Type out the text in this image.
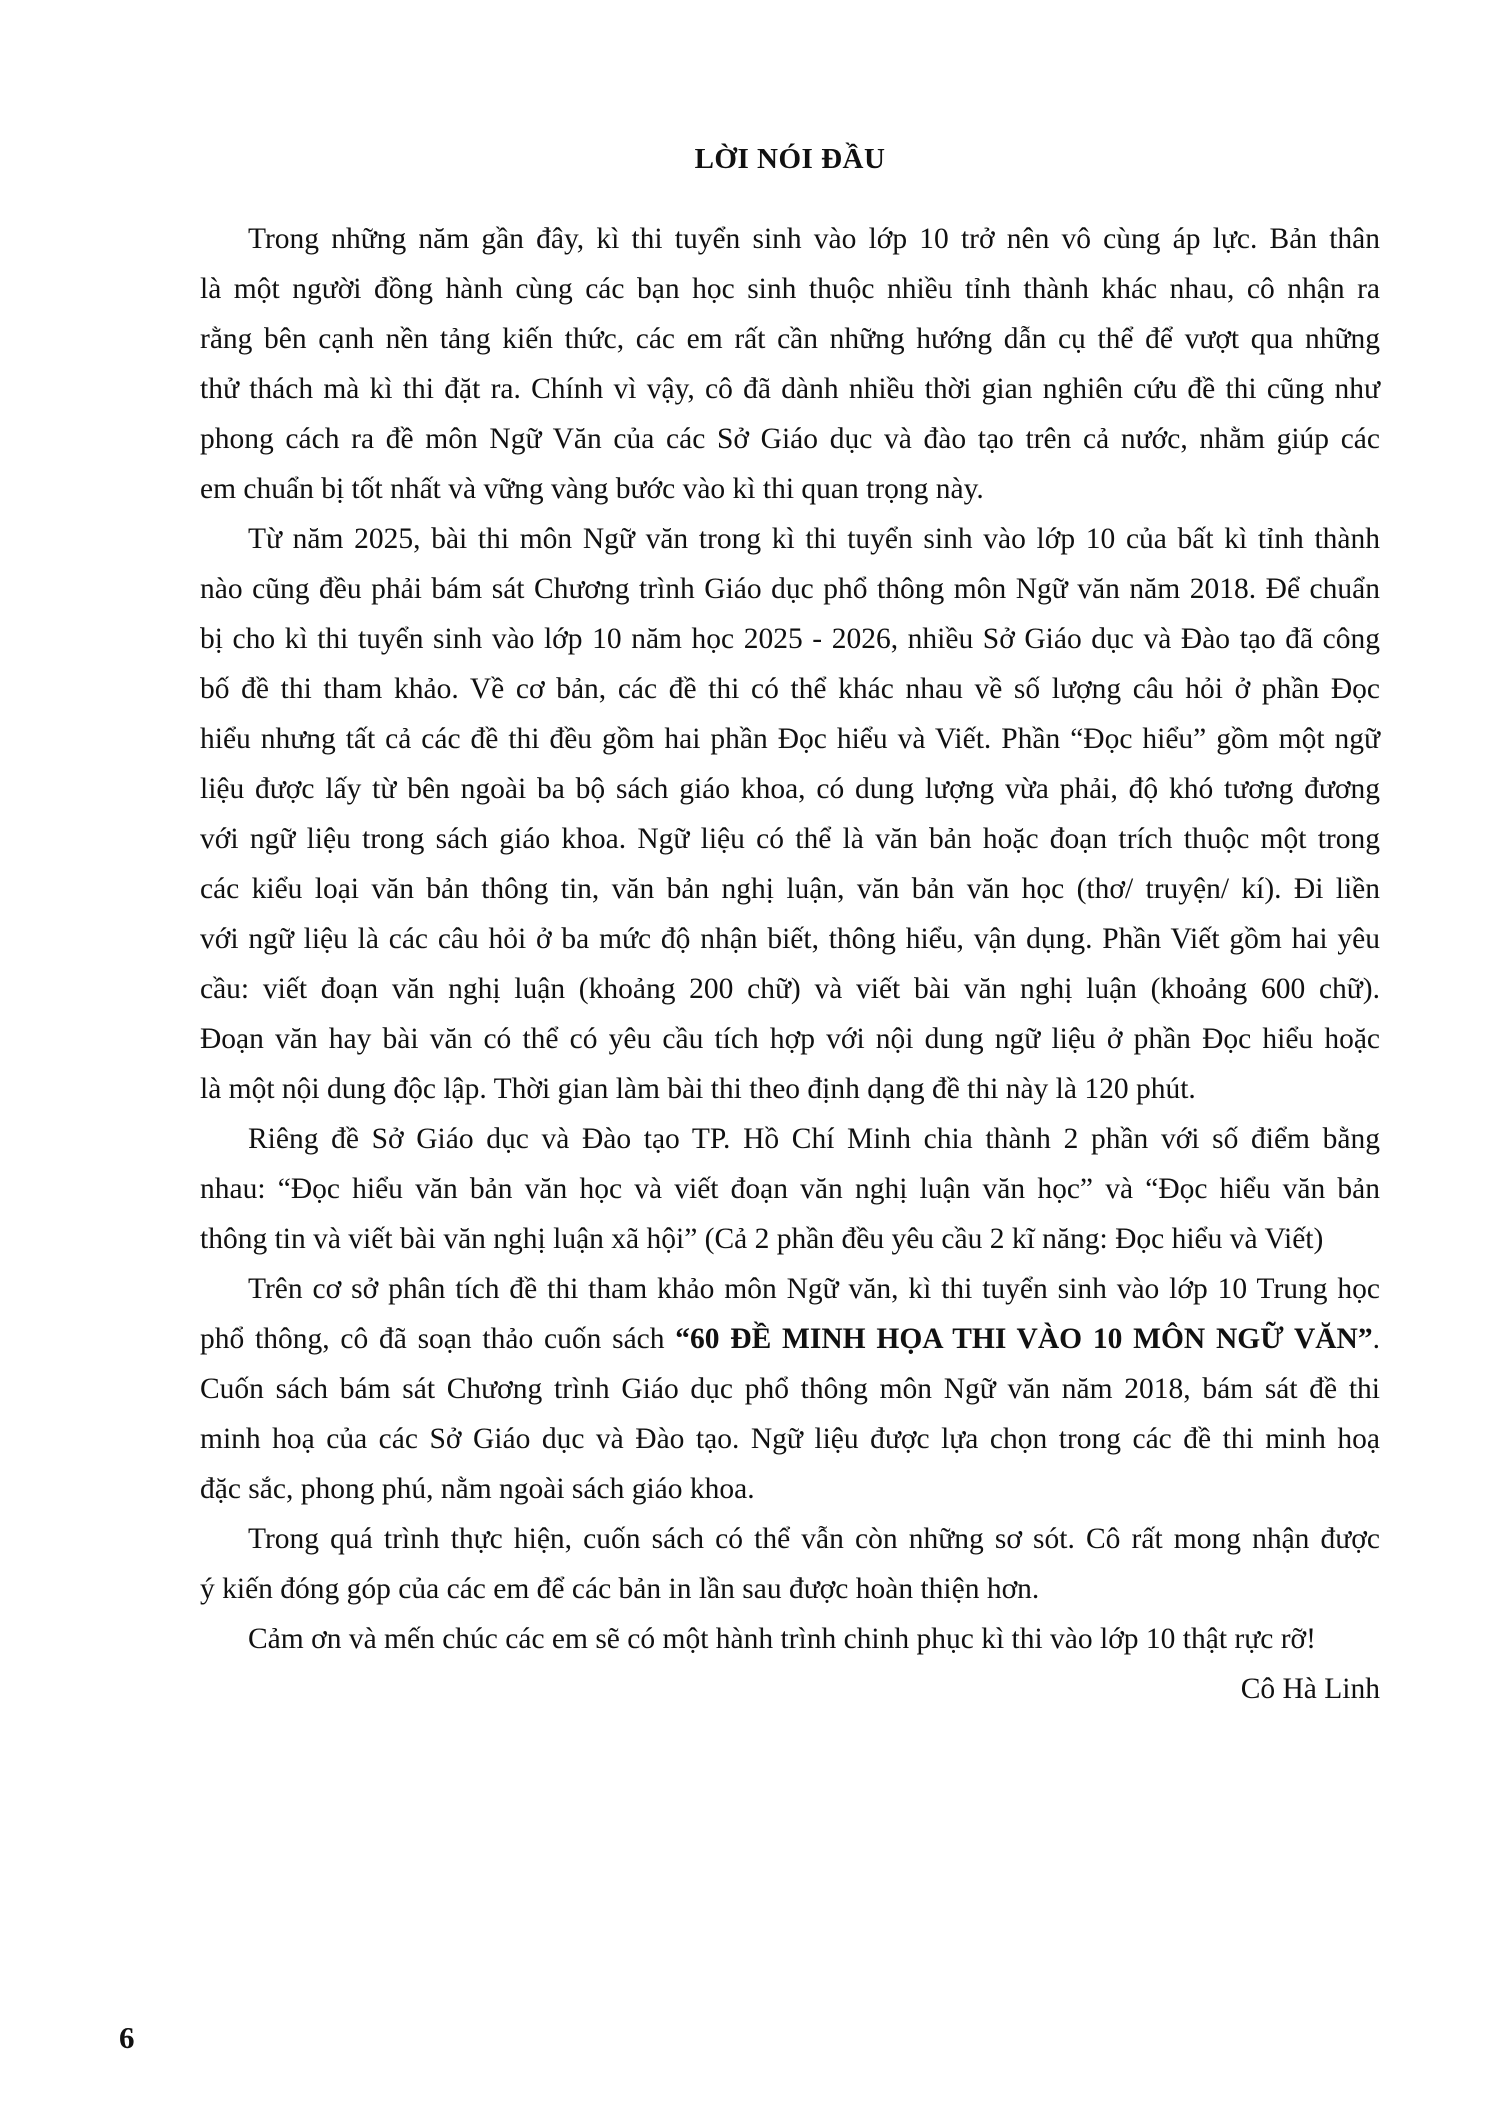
LỜI NÓI ĐẦU
Trong những năm gần đây, kì thi tuyển sinh vào lớp 10 trở nên vô cùng áp lực. Bản thân
là một người đồng hành cùng các bạn học sinh thuộc nhiều tỉnh thành khác nhau, cô nhận ra
rằng bên cạnh nền tảng kiến thức, các em rất cần những hướng dẫn cụ thể để vượt qua những
thử thách mà kì thi đặt ra. Chính vì vậy, cô đã dành nhiều thời gian nghiên cứu đề thi cũng như
phong cách ra đề môn Ngữ Văn của các Sở Giáo dục và đào tạo trên cả nước, nhằm giúp các
em chuẩn bị tốt nhất và vững vàng bước vào kì thi quan trọng này.
Từ năm 2025, bài thi môn Ngữ văn trong kì thi tuyển sinh vào lớp 10 của bất kì tỉnh thành
nào cũng đều phải bám sát Chương trình Giáo dục phổ thông môn Ngữ văn năm 2018. Để chuẩn
bị cho kì thi tuyển sinh vào lớp 10 năm học 2025 - 2026, nhiều Sở Giáo dục và Đào tạo đã công
bố đề thi tham khảo. Về cơ bản, các đề thi có thể khác nhau về số lượng câu hỏi ở phần Đọc
hiểu nhưng tất cả các đề thi đều gồm hai phần Đọc hiểu và Viết. Phần “Đọc hiểu” gồm một ngữ
liệu được lấy từ bên ngoài ba bộ sách giáo khoa, có dung lượng vừa phải, độ khó tương đương
với ngữ liệu trong sách giáo khoa. Ngữ liệu có thể là văn bản hoặc đoạn trích thuộc một trong
các kiểu loại văn bản thông tin, văn bản nghị luận, văn bản văn học (thơ/ truyện/ kí). Đi liền
với ngữ liệu là các câu hỏi ở ba mức độ nhận biết, thông hiểu, vận dụng. Phần Viết gồm hai yêu
cầu: viết đoạn văn nghị luận (khoảng 200 chữ) và viết bài văn nghị luận (khoảng 600 chữ).
Đoạn văn hay bài văn có thể có yêu cầu tích hợp với nội dung ngữ liệu ở phần Đọc hiểu hoặc
là một nội dung độc lập. Thời gian làm bài thi theo định dạng đề thi này là 120 phút.
Riêng đề Sở Giáo dục và Đào tạo TP. Hồ Chí Minh chia thành 2 phần với số điểm bằng
nhau: “Đọc hiểu văn bản văn học và viết đoạn văn nghị luận văn học” và “Đọc hiểu văn bản
thông tin và viết bài văn nghị luận xã hội” (Cả 2 phần đều yêu cầu 2 kĩ năng: Đọc hiểu và Viết)
Trên cơ sở phân tích đề thi tham khảo môn Ngữ văn, kì thi tuyển sinh vào lớp 10 Trung học
phổ thông, cô đã soạn thảo cuốn sách “60 ĐỀ MINH HỌA THI VÀO 10 MÔN NGỮ VĂN”.
Cuốn sách bám sát Chương trình Giáo dục phổ thông môn Ngữ văn năm 2018, bám sát đề thi
minh hoạ của các Sở Giáo dục và Đào tạo. Ngữ liệu được lựa chọn trong các đề thi minh hoạ
đặc sắc, phong phú, nằm ngoài sách giáo khoa.
Trong quá trình thực hiện, cuốn sách có thể vẫn còn những sơ sót. Cô rất mong nhận được
ý kiến đóng góp của các em để các bản in lần sau được hoàn thiện hơn.
Cảm ơn và mến chúc các em sẽ có một hành trình chinh phục kì thi vào lớp 10 thật rực rỡ!
Cô Hà Linh
6
